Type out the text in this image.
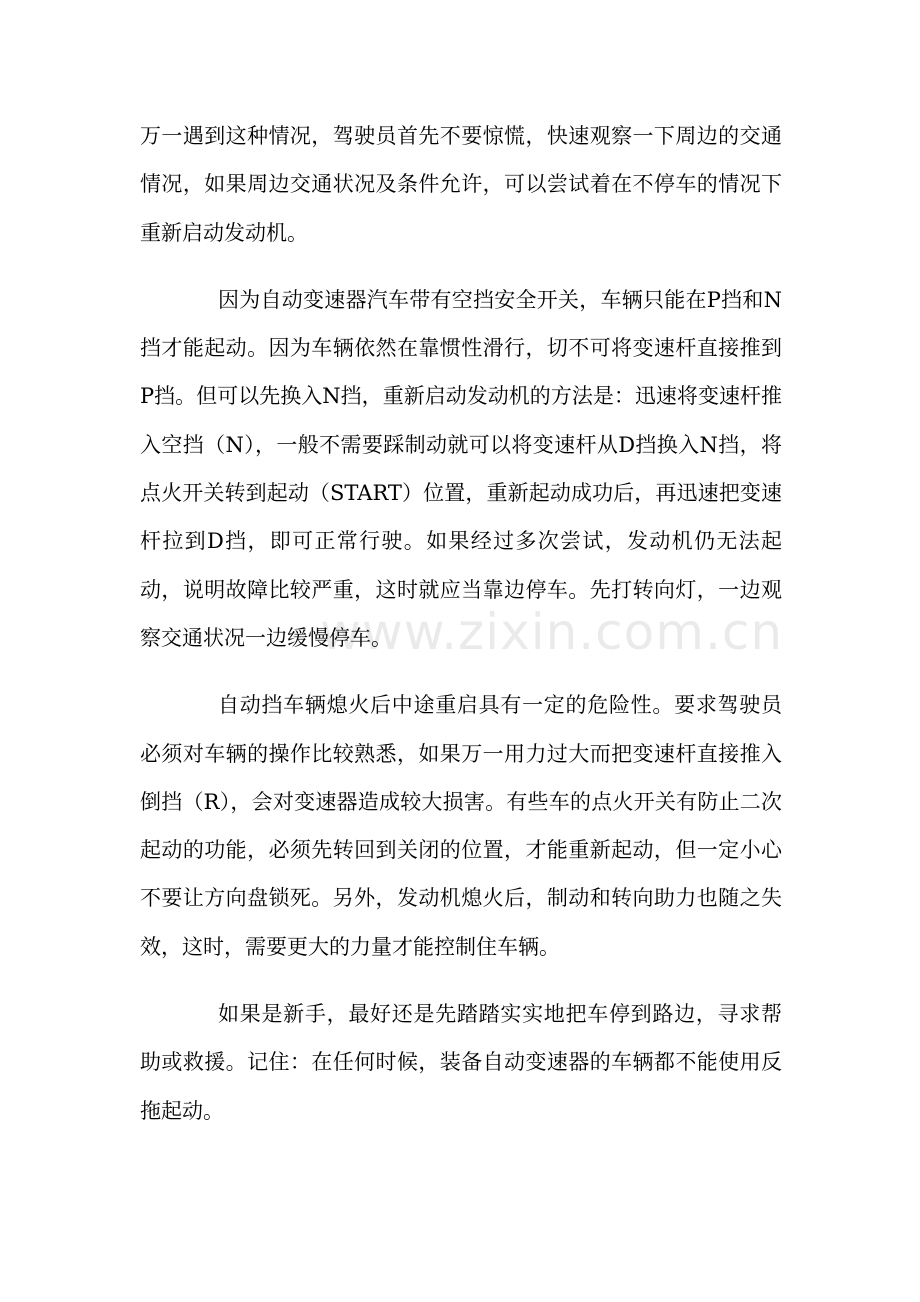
万一遇到这种情况，驾驶员首先不要惊慌，快速观察一下周边的交通情况，如果周边交通状况及条件允许，可以尝试着在不停车的情况下重新启动发动机。

因为自动变速器汽车带有空挡安全开关，车辆只能在P挡和N挡才能起动。因为车辆依然在靠惯性滑行，切不可将变速杆直接推到P挡。但可以先换入N挡，重新启动发动机的方法是：迅速将变速杆推入空挡（N），一般不需要踩制动就可以将变速杆从D挡换入N挡，将点火开关转到起动（START）位置，重新起动成功后，再迅速把变速杆拉到D挡，即可正常行驶。如果经过多次尝试，发动机仍无法起动，说明故障比较严重，这时就应当靠边停车。先打转向灯，一边观察交通状况一边缓慢停车。

自动挡车辆熄火后中途重启具有一定的危险性。要求驾驶员必须对车辆的操作比较熟悉，如果万一用力过大而把变速杆直接推入倒挡（R），会对变速器造成较大损害。有些车的点火开关有防止二次起动的功能，必须先转回到关闭的位置，才能重新起动，但一定小心不要让方向盘锁死。另外，发动机熄火后，制动和转向助力也随之失效，这时，需要更大的力量才能控制住车辆。

如果是新手，最好还是先踏踏实实地把车停到路边，寻求帮助或救援。记住：在任何时候，装备自动变速器的车辆都不能使用反拖起动。

www.zixin.com.cn
